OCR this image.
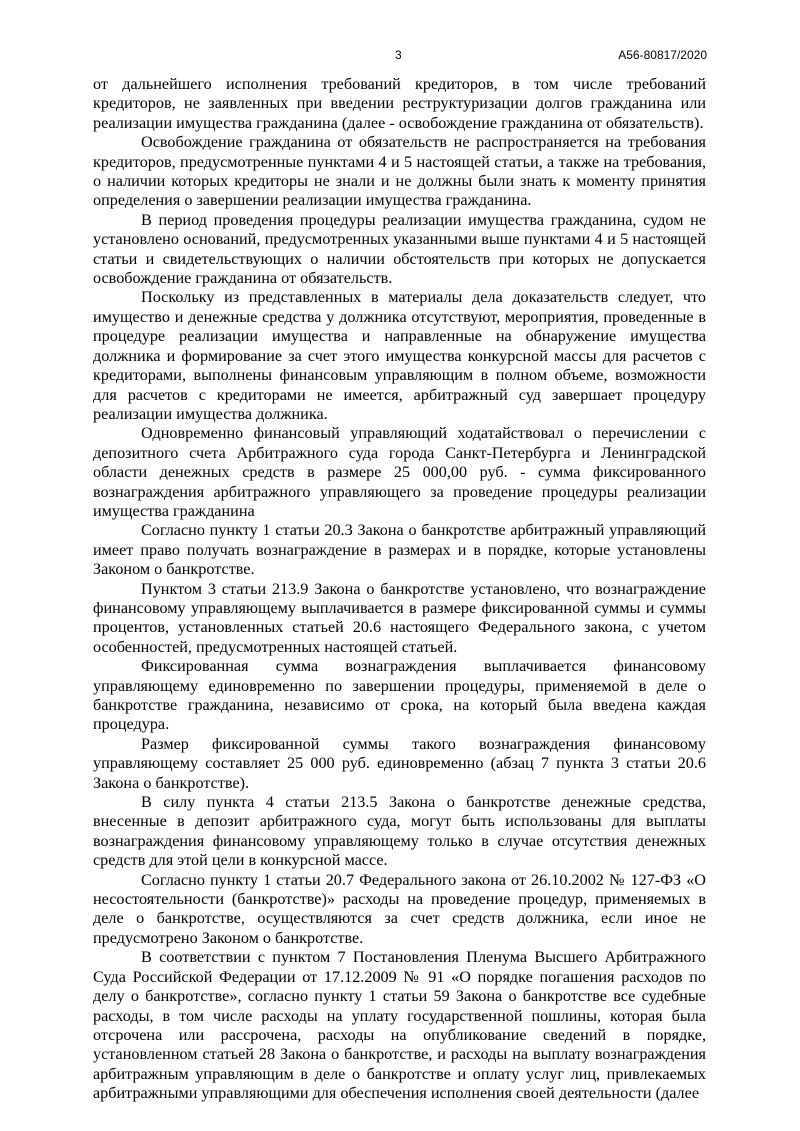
3	А56-80817/2020

от дальнейшего исполнения требований кредиторов, в том числе требований кредиторов, не заявленных при введении реструктуризации долгов гражданина или реализации имущества гражданина (далее - освобождение гражданина от обязательств).

Освобождение гражданина от обязательств не распространяется на требования кредиторов, предусмотренные пунктами 4 и 5 настоящей статьи, а также на требования, о наличии которых кредиторы не знали и не должны были знать к моменту принятия определения о завершении реализации имущества гражданина.

В период проведения процедуры реализации имущества гражданина, судом не установлено оснований, предусмотренных указанными выше пунктами 4 и 5 настоящей статьи и свидетельствующих о наличии обстоятельств при которых не допускается освобождение гражданина от обязательств.

Поскольку из представленных в материалы дела доказательств следует, что имущество и денежные средства у должника отсутствуют, мероприятия, проведенные в процедуре реализации имущества и направленные на обнаружение имущества должника и формирование за счет этого имущества конкурсной массы для расчетов с кредиторами, выполнены финансовым управляющим в полном объеме, возможности для расчетов с кредиторами не имеется, арбитражный суд завершает процедуру реализации имущества должника.

Одновременно финансовый управляющий ходатайствовал о перечислении с депозитного счета Арбитражного суда города Санкт-Петербурга и Ленинградской области денежных средств в размере 25 000,00 руб. - сумма фиксированного вознаграждения арбитражного управляющего за проведение процедуры реализации имущества гражданина

Согласно пункту 1 статьи 20.3 Закона о банкротстве арбитражный управляющий имеет право получать вознаграждение в размерах и в порядке, которые установлены Законом о банкротстве.

Пунктом 3 статьи 213.9 Закона о банкротстве установлено, что вознаграждение финансовому управляющему выплачивается в размере фиксированной суммы и суммы процентов, установленных статьей 20.6 настоящего Федерального закона, с учетом особенностей, предусмотренных настоящей статьей.

Фиксированная сумма вознаграждения выплачивается финансовому управляющему единовременно по завершении процедуры, применяемой в деле о банкротстве гражданина, независимо от срока, на который была введена каждая процедура.

Размер фиксированной суммы такого вознаграждения финансовому управляющему составляет 25 000 руб. единовременно (абзац 7 пункта 3 статьи 20.6 Закона о банкротстве).

В силу пункта 4 статьи 213.5 Закона о банкротстве денежные средства, внесенные в депозит арбитражного суда, могут быть использованы для выплаты вознаграждения финансовому управляющему только в случае отсутствия денежных средств для этой цели в конкурсной массе.

Согласно пункту 1 статьи 20.7 Федерального закона от 26.10.2002 № 127-ФЗ «О несостоятельности (банкротстве)» расходы на проведение процедур, применяемых в деле о банкротстве, осуществляются за счет средств должника, если иное не предусмотрено Законом о банкротстве.

В соответствии с пунктом 7 Постановления Пленума Высшего Арбитражного Суда Российской Федерации от 17.12.2009 № 91 «О порядке погашения расходов по делу о банкротстве», согласно пункту 1 статьи 59 Закона о банкротстве все судебные расходы, в том числе расходы на уплату государственной пошлины, которая была отсрочена или рассрочена, расходы на опубликование сведений в порядке, установленном статьей 28 Закона о банкротстве, и расходы на выплату вознаграждения арбитражным управляющим в деле о банкротстве и оплату услуг лиц, привлекаемых арбитражными управляющими для обеспечения исполнения своей деятельности (далее
